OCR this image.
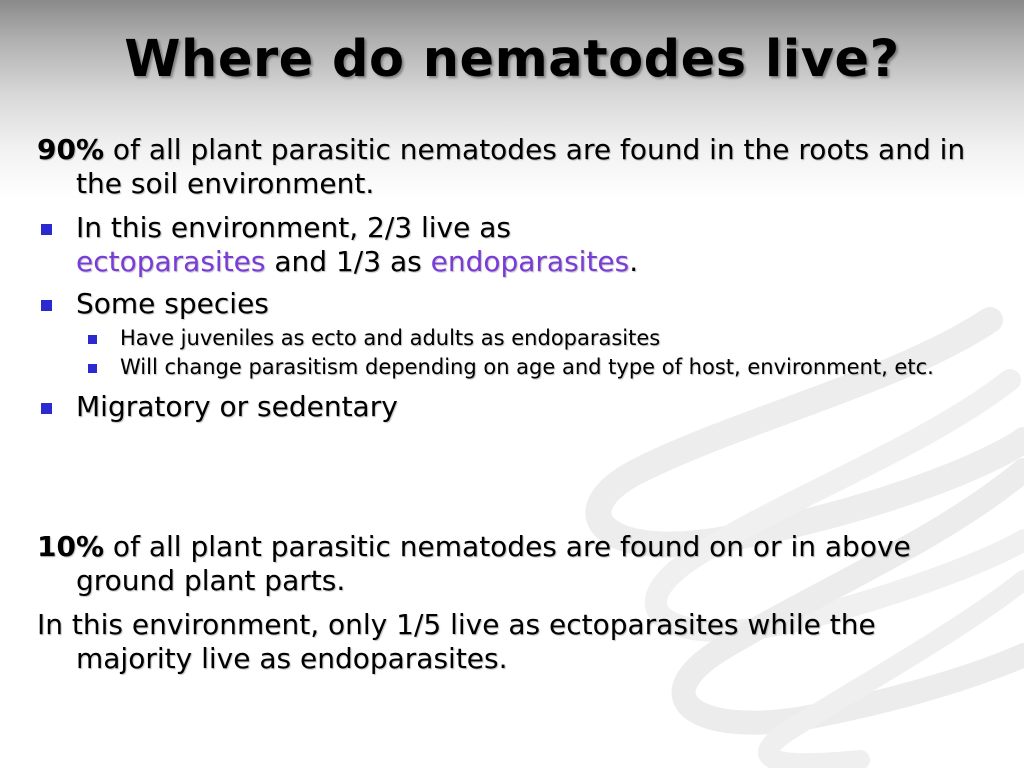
Where do nematodes live?
90% of all plant parasitic nematodes are found in the roots and in the soil environment.
In this environment, 2/3 live as
ectoparasites and 1/3 as endoparasites.
Some species
Have juveniles as ecto and adults as endoparasites
Will change parasitism depending on age and type of host, environment, etc.
Migratory or sedentary
10% of all plant parasitic nematodes are found on or in above ground plant parts.
In this environment, only 1/5 live as ectoparasites while the majority live as endoparasites.
